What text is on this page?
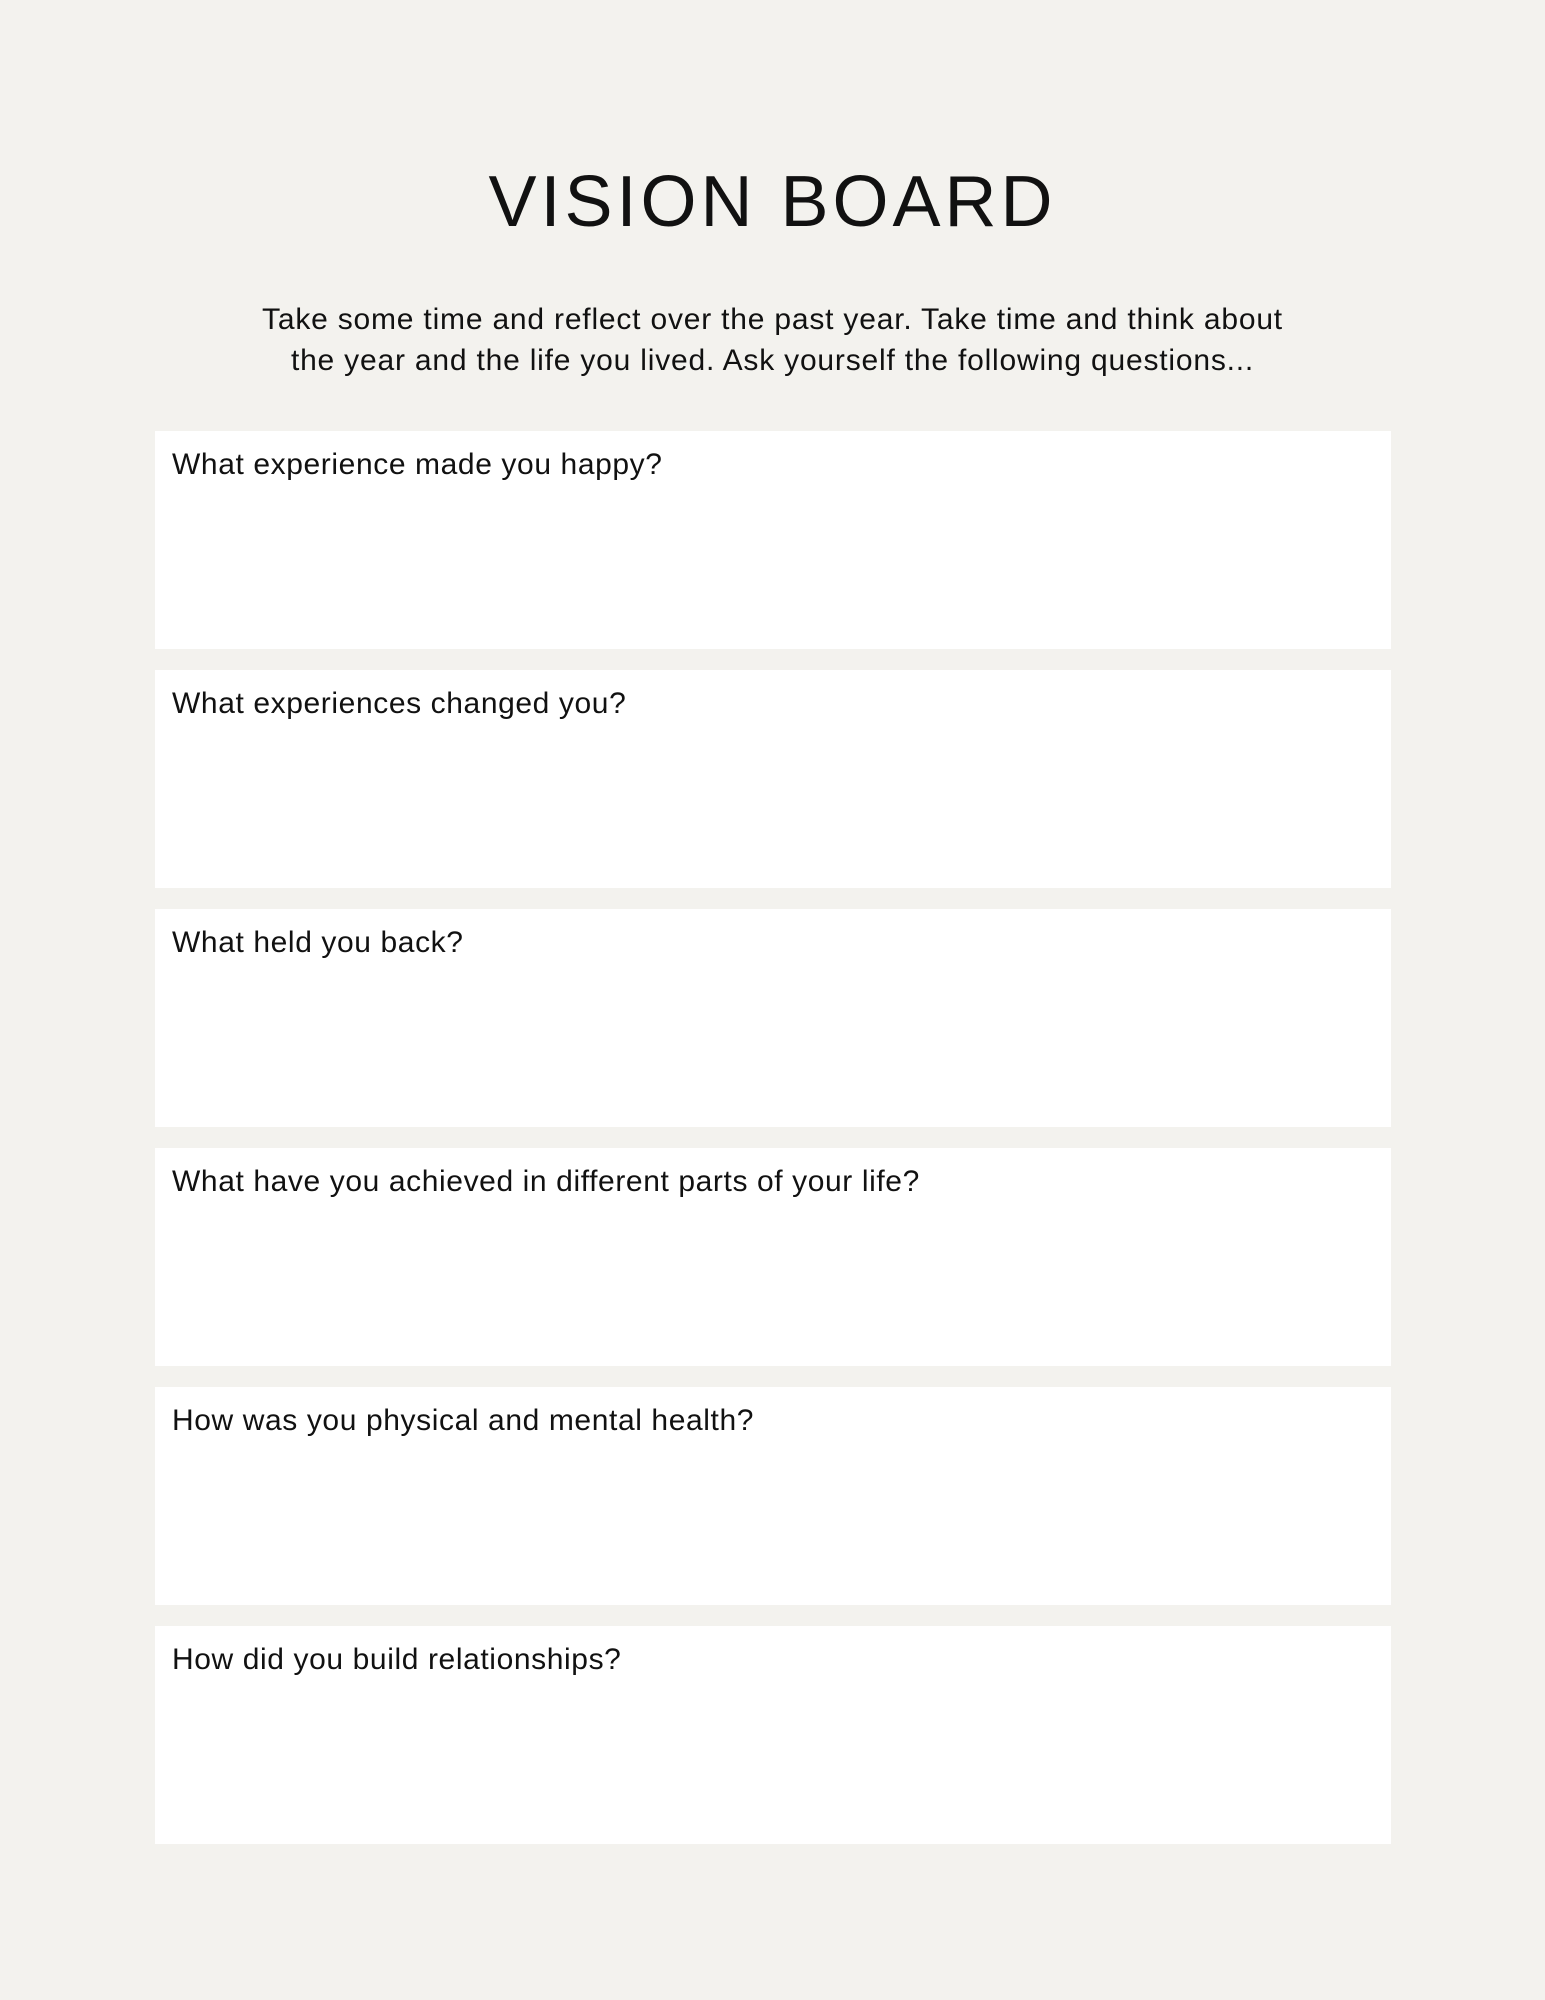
VISION BOARD

Take some time and reflect over the past year. Take time and think about
the year and the life you lived. Ask yourself the following questions...

What experience made you happy?
What experiences changed you?
What held you back?
What have you achieved in different parts of your life?
How was you physical and mental health?
How did you build relationships?
